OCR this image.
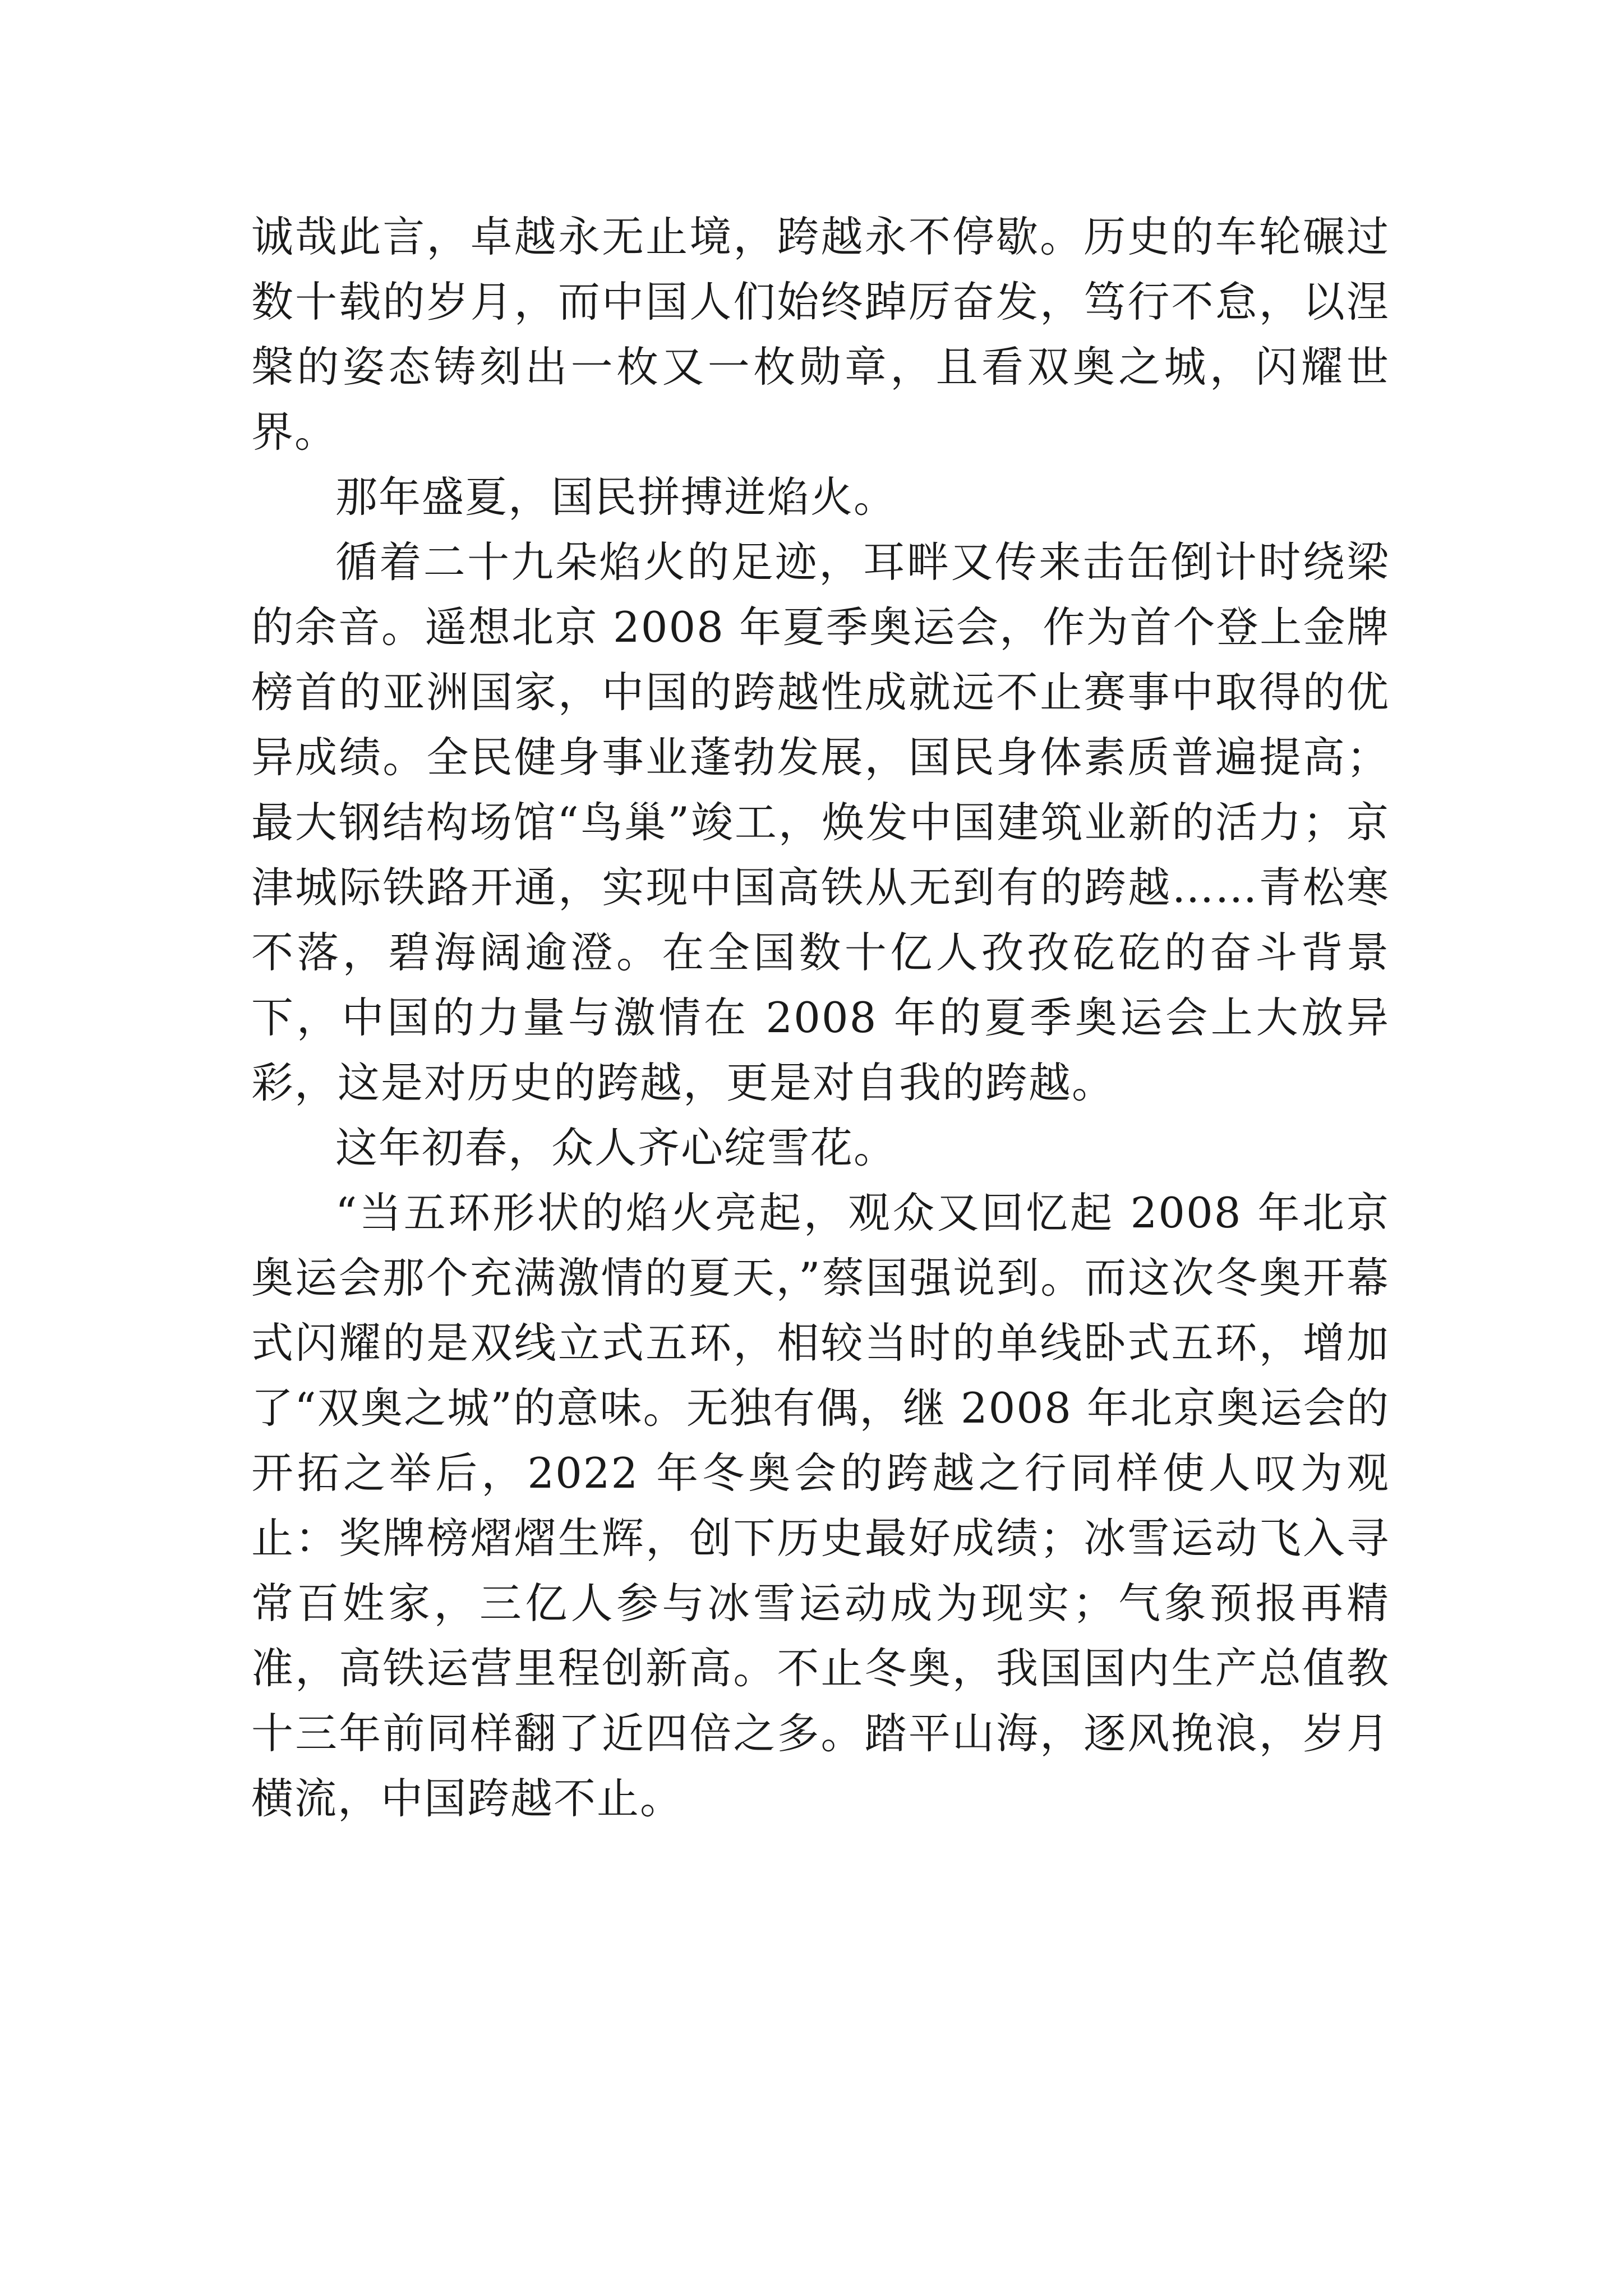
诚哉此言，卓越永无止境，跨越永不停歇。历史的车轮碾过数十载的岁月，而中国人们始终踔厉奋发，笃行不怠，以涅槃的姿态铸刻出一枚又一枚勋章，且看双奥之城，闪耀世界。

那年盛夏，国民拼搏迸焰火。

循着二十九朵焰火的足迹，耳畔又传来击缶倒计时绕梁的余音。遥想北京 2008 年夏季奥运会，作为首个登上金牌榜首的亚洲国家，中国的跨越性成就远不止赛事中取得的优异成绩。全民健身事业蓬勃发展，国民身体素质普遍提高；最大钢结构场馆“鸟巢”竣工，焕发中国建筑业新的活力；京津城际铁路开通，实现中国高铁从无到有的跨越……青松寒不落，碧海阔逾澄。在全国数十亿人孜孜矻矻的奋斗背景下，中国的力量与激情在 2008 年的夏季奥运会上大放异彩，这是对历史的跨越，更是对自我的跨越。

这年初春，众人齐心绽雪花。

“当五环形状的焰火亮起，观众又回忆起 2008 年北京奥运会那个充满激情的夏天，”蔡国强说到。而这次冬奥开幕式闪耀的是双线立式五环，相较当时的单线卧式五环，增加了“双奥之城”的意味。无独有偶，继 2008 年北京奥运会的开拓之举后，2022 年冬奥会的跨越之行同样使人叹为观止：奖牌榜熠熠生辉，创下历史最好成绩；冰雪运动飞入寻常百姓家，三亿人参与冰雪运动成为现实；气象预报再精准，高铁运营里程创新高。不止冬奥，我国国内生产总值教十三年前同样翻了近四倍之多。踏平山海，逐风挽浪，岁月横流，中国跨越不止。
